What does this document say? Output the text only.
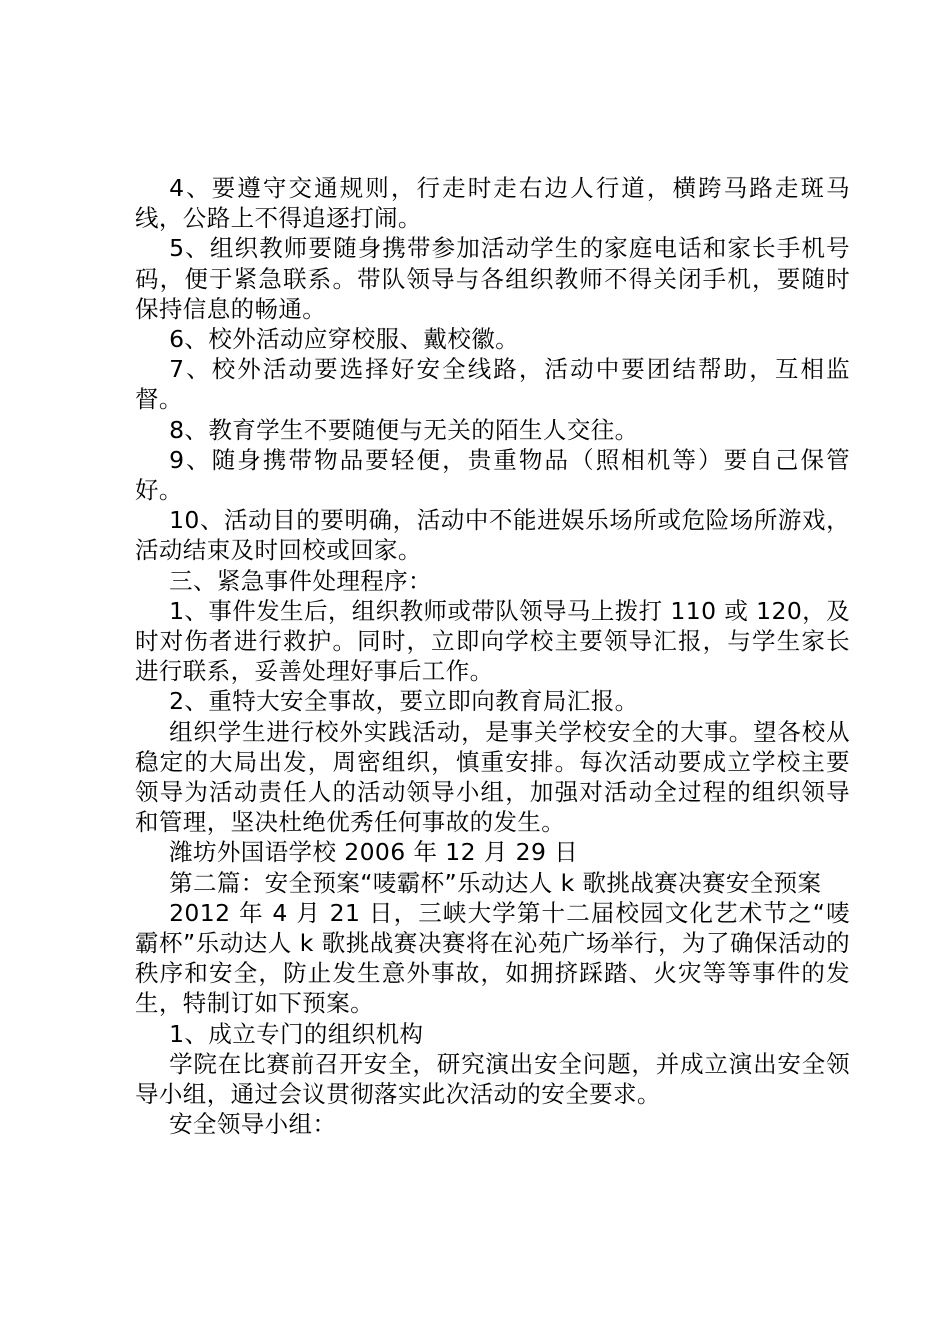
4、要遵守交通规则，行走时走右边人行道，横跨马路走斑马线，公路上不得追逐打闹。

5、组织教师要随身携带参加活动学生的家庭电话和家长手机号码，便于紧急联系。带队领导与各组织教师不得关闭手机，要随时保持信息的畅通。

6、校外活动应穿校服、戴校徽。

7、校外活动要选择好安全线路，活动中要团结帮助，互相监督。

8、教育学生不要随便与无关的陌生人交往。

9、随身携带物品要轻便，贵重物品（照相机等）要自己保管好。

10、活动目的要明确，活动中不能进娱乐场所或危险场所游戏，活动结束及时回校或回家。

三、紧急事件处理程序：

1、事件发生后，组织教师或带队领导马上拨打 110 或 120，及时对伤者进行救护。同时，立即向学校主要领导汇报，与学生家长进行联系，妥善处理好事后工作。

2、重特大安全事故，要立即向教育局汇报。

组织学生进行校外实践活动，是事关学校安全的大事。望各校从稳定的大局出发，周密组织，慎重安排。每次活动要成立学校主要领导为活动责任人的活动领导小组，加强对活动全过程的组织领导和管理，坚决杜绝优秀任何事故的发生。

潍坊外国语学校 2006 年 12 月 29 日

第二篇：安全预案“唛霸杯”乐动达人 k 歌挑战赛决赛安全预案

2012 年 4 月 21 日，三峡大学第十二届校园文化艺术节之“唛霸杯”乐动达人 k 歌挑战赛决赛将在沁苑广场举行，为了确保活动的秩序和安全，防止发生意外事故，如拥挤踩踏、火灾等等事件的发生，特制订如下预案。

1、成立专门的组织机构

学院在比赛前召开安全，研究演出安全问题，并成立演出安全领导小组，通过会议贯彻落实此次活动的安全要求。

安全领导小组：
